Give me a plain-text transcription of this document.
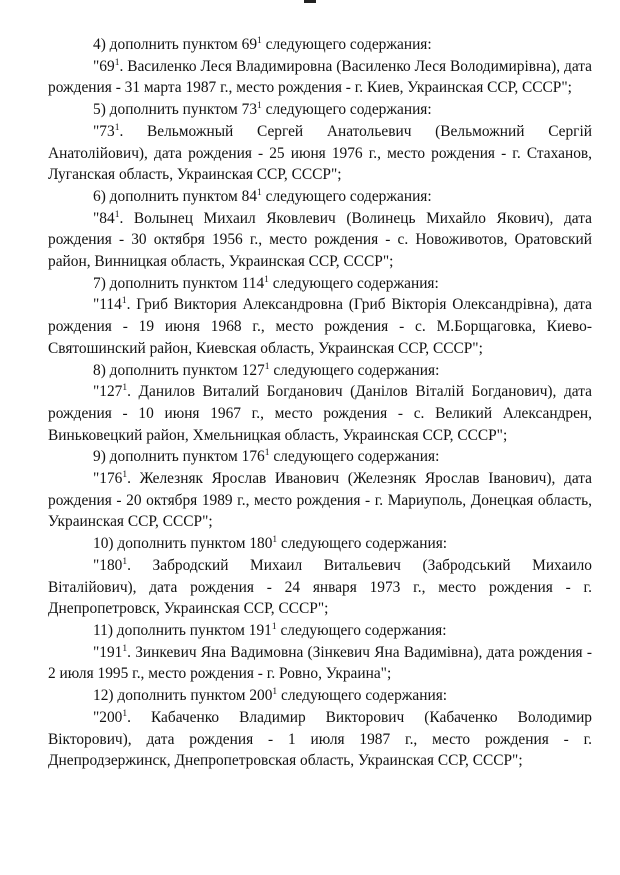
4) дополнить пунктом $69^1$ следующего содержания:

"$69^1$. Василенко Леся Владимировна (Василенко Леся Володимирівна), дата рождения - 31 марта 1987 г., место рождения - г. Киев, Украинская ССР, СССР";

5) дополнить пунктом $73^1$ следующего содержания:

"$73^1$. Вельможный Сергей Анатольевич (Вельможний Сергій Анатолійович), дата рождения - 25 июня 1976 г., место рождения - г. Стаханов, Луганская область, Украинская ССР, СССР";

6) дополнить пунктом $84^1$ следующего содержания:

"$84^1$. Волынец Михаил Яковлевич (Волинець Михайло Якович), дата рождения - 30 октября 1956 г., место рождения - с. Новоживотов, Оратовский район, Винницкая область, Украинская ССР, СССР";

7) дополнить пунктом $114^1$ следующего содержания:

"$114^1$. Гриб Виктория Александровна (Гриб Вікторія Олександрівна), дата рождения - 19 июня 1968 г., место рождения - с. М.Борщаговка, Киево-Святошинский район, Киевская область, Украинская ССР, СССР";

8) дополнить пунктом $127^1$ следующего содержания:

"$127^1$. Данилов Виталий Богданович (Данілов Віталій Богданович), дата рождения - 10 июня 1967 г., место рождения - с. Великий Александрен, Виньковецкий район, Хмельницкая область, Украинская ССР, СССР";

9) дополнить пунктом $176^1$ следующего содержания:

"$176^1$. Железняк Ярослав Иванович (Железняк Ярослав Іванович), дата рождения - 20 октября 1989 г., место рождения - г. Мариуполь, Донецкая область, Украинская ССР, СССР";

10) дополнить пунктом $180^1$ следующего содержания:

"$180^1$. Забродский Михаил Витальевич (Забродський Михаило Віталійович), дата рождения - 24 января 1973 г., место рождения - г. Днепропетровск, Украинская ССР, СССР";

11) дополнить пунктом $191^1$ следующего содержания:

"$191^1$. Зинкевич Яна Вадимовна (Зінкевич Яна Вадимівна), дата рождения - 2 июля 1995 г., место рождения - г. Ровно, Украина";

12) дополнить пунктом $200^1$ следующего содержания:

"$200^1$. Кабаченко Владимир Викторович (Кабаченко Володимир Вікторович), дата рождения - 1 июля 1987 г., место рождения - г. Днепродзержинск, Днепропетровская область, Украинская ССР, СССР";
